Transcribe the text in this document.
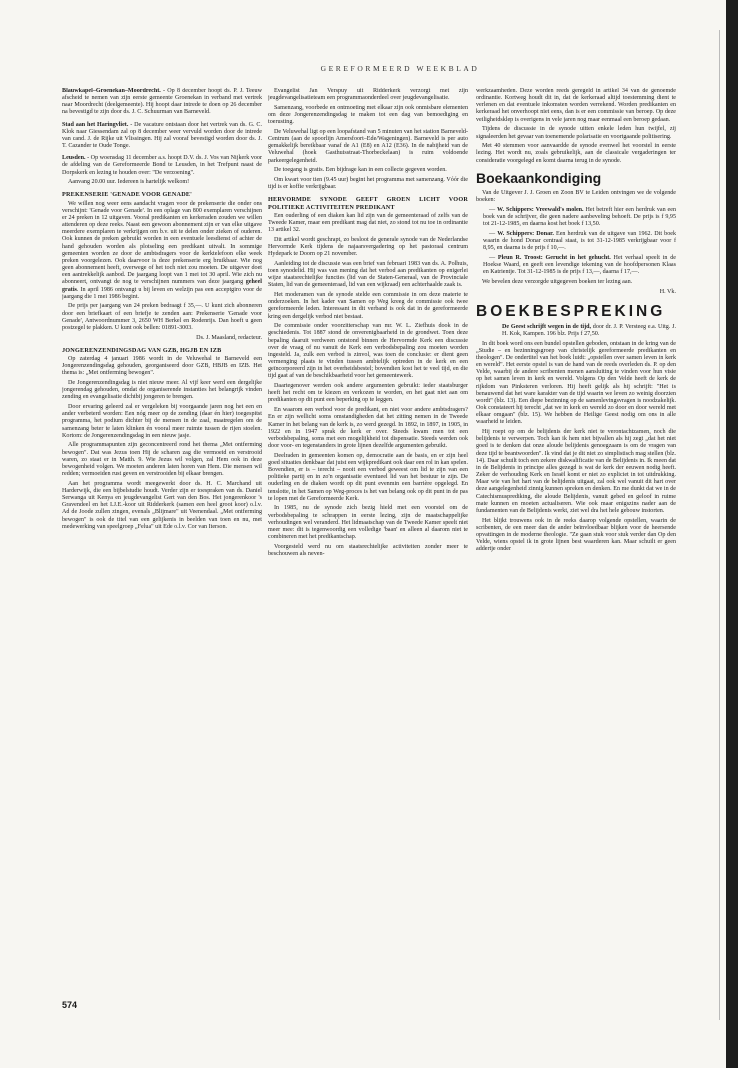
GEREFORMEERD WEEKBLAD

Blauwkapel–Groenekan–Moordrecht. - Op 8 december hoopt ds. P. J. Teeuw afscheid te nemen van zijn eerste gemeente Groenekan in verband met vertrek naar Moordrecht (deelgemeente). Hij hoopt daar intrede te doen op 26 december na bevestigd te zijn door ds. J. C. Schuurman van Barneveld.

Stad aan het Haringvliet. - De vacature ontstaan door het vertrek van ds. G. C. Klok naar Giessendam zal op 8 december weer vervuld worden door de intrede van cand. J. de Rijke uit Vlissingen. Hij zal vooraf bevestigd worden door ds. J. T. Cazander te Oude Tonge.

Leusden. - Op woensdag 11 december a.s. hoopt D.V. ds. J. Vos van Nijkerk voor de afdeling van de Gereformeerde Bond te Leusden, in het Trefpunt naast de Dorpskerk en lezing te houden over: "De verzoening".

Aanvang 20.00 uur. Iedereen is hartelijk welkom!

PREKENSERIE 'GENADE VOOR GENADE'

We willen nog weer eens aandacht vragen voor de prekenserie die onder ons verschijnt: 'Genade voor Genade'. In een oplage van 800 exemplaren verschijnen er 24 preken in 12 uitgaven. Vooral predikanten en kerkeraden zouden we willen attenderen op deze reeks. Naast een gewoon abonnement zijn er van elke uitgave meerdere exemplaren te verkrijgen om b.v. uit te delen onder zieken of ouderen. Ook kunnen de preken gebruikt worden in een eventuele leesdienst of achter de hand gehouden worden als plotseling een predikant uitvalt. In sommige gemeenten worden ze door de ambtsdragers voor de kerktelefoon elke week preken voorgelezen. Ook daarvoor is deze prekenserie erg bruikbaar. Wie nog geen abonnement heeft, overwege of het toch niet zou moeten. De uitgever doet een aantrekkelijk aanbod. De jaargang loopt van 1 mei tot 30 april. Wie zich nu abonneert, ontvangt de nog te verschijnen nummers van deze jaargang geheel gratis. In april 1986 ontvangt u bij leven en welzijn pas een acceptgiro voor de jaargang die 1 mei 1986 begint.

De prijs per jaargang van 24 preken bedraagt f 35,—. U kunt zich abonneren door een briefkaart of een briefje te zenden aan: Prekenserie 'Genade voor Genade', Antwoordnummer 3, 2650 WH Berkel en Rodenrijs. Dan hoeft u geen postzegel te plakken. U kunt ook bellen: 01891-3003.

Ds. J. Maasland, redacteur.

JONGERENZENDINGSDAG VAN GZB, HGJB EN IZB

Op zaterdag 4 januari 1986 wordt in de Veluwehal te Barneveld een Jongerenzendingsdag gehouden, georganiseerd door GZB, HBJB en IZB. Het thema is: „Met ontferming bewogen".

De Jongerenzendingsdag is niet nieuw meer. Al vijf keer werd een dergelijke jongerendag gehouden, omdat de organiserende instanties het belangrijk vinden zending en evangelisatie dichtbij jongeren te brengen.

Door ervaring geleerd zal er vergeleken bij voorgaande jaren nog het een en ander verbeterd worden: Een nóg meer op de zending (daar én hier) toegespitst programma, het podium dichter bij de mensen in de zaal, maatregelen om de samenzang beter te laten klinken én vooral meer ruimte tussen de rijen stoelen. Kortom: de Jongerenzendingsdag in een nieuw jasje.

Alle programmapunten zijn geconcentreerd rond het thema „Met ontferming bewogen". Dat was Jezus toen Hij de scharen zag die vermoeid en verstrooid waren, zo staat er in Matth. 9. Wie Jezus wil volgen, zal Hem ook in deze bewogenheid volgen. We moeten anderen laten horen van Hem. Die mensen wil redden; vermoeiden rust geven en verstrooiden bij elkaar brengen.

Aan het programma wordt meegewerkt door ds. H. C. Marchand uit Harderwijk, die een bijbelstudie houdt. Verder zijn er toespraken van ds. Daniel Serwanga uit Kenya en jeugdevangelist Gert van den Bos. Het jongerenkoor 's Gravendeel en het I.J.E.-koor uit Ridderkerk (samen een heel groot koor) o.l.v. Ad de Joode zullen zingen, evenals „Blijmare" uit Veenendaal. „Met ontferming bewogen" is ook de titel van een gelijkenis in beelden van toen en nu, met medewerking van speelgroep „Felua" uit Ede o.l.v. Cor van Iterson.

Evangelist Jan Verspuy uit Ridderkerk verzorgt met zijn jeugdevangelisatieteam een programmaonderdeel over jeugdevangelisatie.

Samenzang, voorbede en ontmoeting met elkaar zijn ook onmisbare elementen om deze Jongerenzendingsdag te maken tot een dag van bemoediging en toerusting.

De Veluwehal ligt op een loopafstand van 5 minuten van het station Barneveld-Centrum (aan de spoorlijn Amersfoort–Ede/Wageningen). Barneveld is per auto gemakkelijk bereikbaar vanaf de A1 (E8) en A12 (E36). In de nabijheid van de Veluwehal (hoek Gasthuisstraat-Thorbeckelaan) is ruim voldoende parkeergelegenheid.

De toegang is gratis. Een bijdrage kan in een collecte gegeven worden.

Om kwart voor tien (9.45 uur) begint het programma met samenzang. Vóór die tijd is er koffie verkrijgbaar.

HERVORMDE SYNODE GEEFT GROEN LICHT VOOR POLITIEKE ACTIVITEITEN PREDIKANT

Een ouderling of een diaken kan lid zijn van de gemeenteraad of zelfs van de Tweede Kamer, maar een predikant mag dat niet, zo stond tot nu toe in ordinantie 13 artikel 32.

Dit artikel wordt geschrapt, zo besloot de generale synode van de Nederlandse Hervormde Kerk tijdens de najaarsvergadering op het pastoraal centrum Hydepark te Doorn op 21 november.

Aanleiding tot de discussie was een brief van februari 1983 van ds. A. Polhuis, toen synodelid. Hij was van mening dat het verbod aan predikanten op enigerlei wijze staatsrechtelijke functies (lid van de Staten-Generaal, van de Provinciale Staten, lid van de gemeenteraad, lid van een wijkraad) een achterhaalde zaak is.

Het moderamen van de synode stelde een commissie in om deze materie te onderzoeken. In het kader van Samen op Weg kreeg de commissie ook twee gereformeerde leden. Interessant in dit verband is ook dat in de gereformeerde kring een dergelijk verbod niet bestaat.

De commissie onder voorzitterschap van mr. W. L. Ziefhuis dook in de geschiedenis. Tot 1887 stond de onverenigbaarheid in de grondwet. Toen deze bepaling daaruit verdween ontstond binnen de Hervormde Kerk een discussie over de vraag of nu vanuit de Kerk een verbodsbepaling zou moeten worden ingesteld. Ja, zulk een verbod is zinvol, was toen de conclusie: er dient geen vermenging plaats te vinden tussen ambtelijk optreden in de kerk en een geïncorporeerd zijn in het overheidsbestel; bovendien kost het te veel tijd, en die tijd gaat af van de beschikbaarheid voor het gemeentewerk.

Daartegenover werden ook andere argumenten gebruikt: ieder staatsburger heeft het recht om te kiezen en verkozen te worden, en het gaat niet aan om predikanten op dit punt een beperking op te leggen.

En waarom een verbod voor de predikant, en niet voor andere ambtsdragers? En er zijn wellicht soms omstandigheden dat het zitting nemen in de Tweede Kamer in het belang van de kerk is, zo werd gezegd. In 1892, in 1897, in 1905, in 1922 en in 1947 sprak de kerk er over. Steeds kwam men tot een verbodsbepaling, soms met een mogelijkheid tot dispensatie. Steeds werden ook door voor- en tegenstanders in grote lijnen dezelfde argumenten gebruikt.

Deelraden in gemeenten komen op, democratie aan de basis, en er zijn heel goed situaties denkbaar dat juist een wijkpredikant ook daar een rol in kan spelen. Bovendien, er is – terecht – nooit een verbod geweest om lid te zijn van een politieke partij en in zo'n organisatie eventueel lid van het bestuur te zijn. De ouderling en de diaken wordt op dit punt evenmin een barrière opgelegd. En tenslotte, in het Samen op Weg-proces is het van belang ook op dit punt in de pas te lopen met de Gereformeerde Kerk.

In 1985, nu de synode zich bezig hield met een voorstel om de verbodsbepaling te schrappen in eerste lezing, zijn de maatschappelijke verhoudingen wel veranderd. Het lidmaatschap van de Tweede Kamer speelt niet meer mee: dit is tegenwoordig een volledige 'baan' en alleen al daarom niet te combineren met het predikantschap.

Voorgesteld werd nu om staatsrechtelijke activiteiten zonder meer te beschouwen als neven-

werkzaamheden. Deze worden reeds geregeld in artikel 34 van de genoemde ordinantie. Kortweg houdt dit in, dat de kerkeraad altijd toestemming dient te verlenen en dat eventuele inkomsten worden verrekend. Worden predikanten en kerkeraad het onverhoopt niet eens, dan is er een commissie van beroep. Op deze veiligheidsklep is overigens in vele jaren nog maar eenmaal een beroep gedaan.

Tijdens de discussie in de synode uitten enkele leden hun twijfel, zij signaleerden het gevaar van toenemende polarisatie en voortgaande politisering.

Met 40 stemmen voor aanvaardde de synode evenwel het voorstel in eerste lezing. Het wordt nu, zoals gebruikelijk, aan de classicale vergaderingen ter consideratie voorgelegd en komt daarna terug in de synode.

Boekaankondiging

Van de Uitgever J. J. Groen en Zoon BV te Leiden ontvingen we de volgende boeken:

— W. Schippers: Vreewald's molen. Het betreft hier een herdruk van een boek van de schrijver, die geen nadere aanbeveling behoeft. De prijs is f 9,95 tot 21-12-1985, en daarna kost het boek f 13,50.

— W. Schippers: Donar. Een herdruk van de uitgave van 1962. Dit boek waarin de hond Donar centraal staat, is tot 31-12-1985 verkrijgbaar voor f 8,95, en daarna is de prijs f 10,—.

— Pleun R. Troost: Gerucht in het gehucht. Het verhaal speelt in de Hoekse Waard, en geeft een levendige tekening van de hoofdpersonen Klaas en Katrientje. Tot 31-12-1985 is de prijs f 13,—, daarna f 17,—.

We bevelen deze verzorgde uitgegeven boeken ter lezing aan.

H. Vk.

BOEKBESPREKING

De Geest schrijft wegen in de tijd, door dr. J. P. Versteeg e.a. Uitg. J. H. Kok, Kampen. 196 blz. Prijs f 27,50.

In dit boek word ons een bundel opstellen geboden, ontstaan in de kring van de „Studie – en bezinningsgroep van christelijk gereformeerde predikanten en theologen". De ondertitel van het boek luidt: „opstellen over samen leven in kerk en wereld". Het eerste opstel is van de hand van de reeds overleden ds. P. op den Velde, waarbij de andere scribenten menen aansluiting te vinden voor hun visie op het samen leven in kerk en wereld. Volgens Op den Velde heeft de kerk de rijkdom van Pinksteren verloren. Hij heeft gelijk als hij schrijft: "Het is benauwend dat het ware karakter van de tijd waarin we leven zo weinig doorzien wordt" (blz. 13). Een diepe bezinning op de samenlevingsvragen is noodzakelijk. Ook constateert hij terecht „dat we in kerk en wereld zo door en door wereld met elkaar omgaan" (blz. 15). We hebben de Heilige Geest nodig om ons in alle waarheid te leiden.

Hij roept op om de belijdenis der kerk niet te verontachtzamen, noch die belijdenis te verwerpen. Toch kan ik hem niet bijvallen als hij zegt „dat het niet goed is te denken dat onze aloude belijdenis genoegzaam is om de vragen van deze tijd te beantwoorden". Ik vind dat je dit niet zo simplistisch mag stellen (blz. 14). Daar schuilt toch een zekere diskwalificatie van de Belijdenis in. Ik meen dat in de Belijdenis in principe alles gezegd is wat de kerk der eeuwen nodig heeft. Zeker de verhouding Kerk en Israël komt er niet zo expliciet in tot uitdrukking. Maar wie van het hart van de belijdenis uitgaat, zal ook wel vanuit dit hart over deze aangelegenheid zinnig kunnen spreken en denken. En me dunkt dat we in de Catechismusprediking, die aloude Belijdenis, vanuit gebed en geloof in ruime mate kunnen en moeten actualiseren. Wie ook maar enigszins nader aan de fundamenten van de Belijdenis werkt, ziet wel dra het hele gebouw instorten.

Het blijkt trouwens ook in de reeks daarop volgende opstellen, waarin de scribenten, de een meer dan de ander beïnvloedbaar blijken voor de heersende opvattingen in de moderne theologie. "Ze gaan stuk voor stuk verder dan Op den Velde, wiens opstel ik in grote lijnen best waarderen kan. Maar schuilt er geen addertje onder

574
